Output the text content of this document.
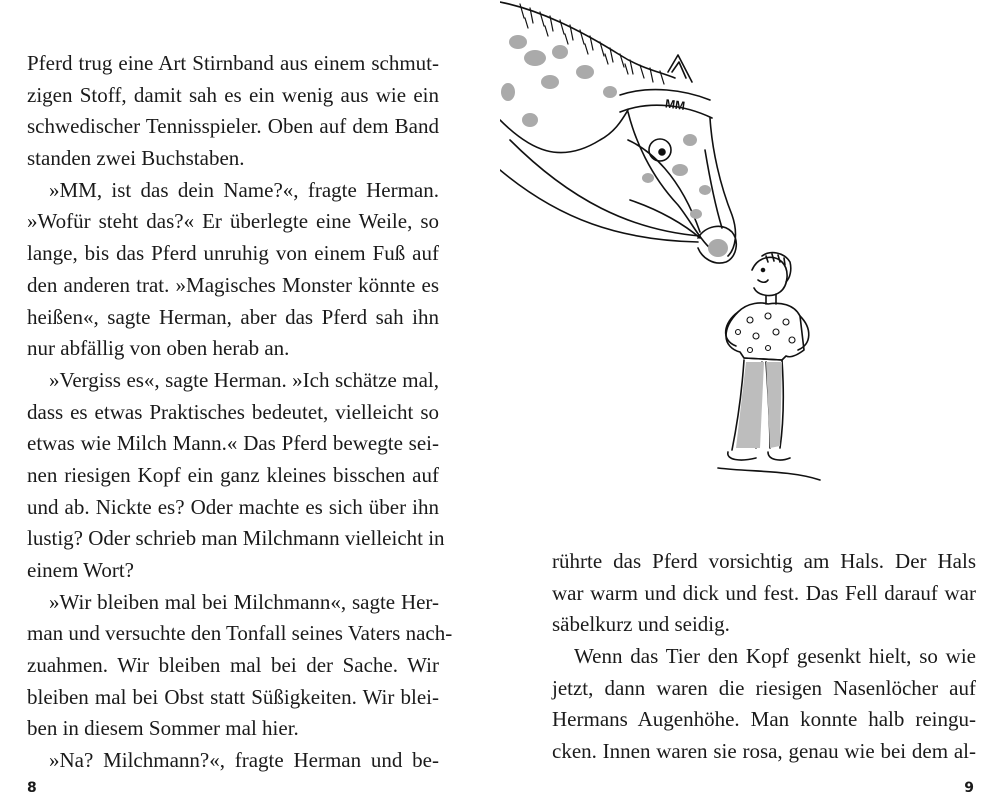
Pferd trug eine Art Stirnband aus einem schmut-
zigen Stoff, damit sah es ein wenig aus wie ein
schwedischer Tennisspieler. Oben auf dem Band
standen zwei Buchstaben.
»MM, ist das dein Name?«, fragte Herman.
»Wofür steht das?« Er überlegte eine Weile, so
lange, bis das Pferd unruhig von einem Fuß auf
den anderen trat. »Magisches Monster könnte es
heißen«, sagte Herman, aber das Pferd sah ihn
nur abfällig von oben herab an.
»Vergiss es«, sagte Herman. »Ich schätze mal,
dass es etwas Praktisches bedeutet, vielleicht so
etwas wie Milch Mann.« Das Pferd bewegte sei-
nen riesigen Kopf ein ganz kleines bisschen auf
und ab. Nickte es? Oder machte es sich über ihn
lustig? Oder schrieb man Milchmann vielleicht in
einem Wort?
»Wir bleiben mal bei Milchmann«, sagte Her-
man und versuchte den Tonfall seines Vaters nach-
zuahmen. Wir bleiben mal bei der Sache. Wir
bleiben mal bei Obst statt Süßigkeiten. Wir blei-
ben in diesem Sommer mal hier.
»Na? Milchmann?«, fragte Herman und be-
8
MM
rührte das Pferd vorsichtig am Hals. Der Hals
war warm und dick und fest. Das Fell darauf war
säbelkurz und seidig.
Wenn das Tier den Kopf gesenkt hielt, so wie
jetzt, dann waren die riesigen Nasenlöcher auf
Hermans Augenhöhe. Man konnte halb reingu-
cken. Innen waren sie rosa, genau wie bei dem al-
9
